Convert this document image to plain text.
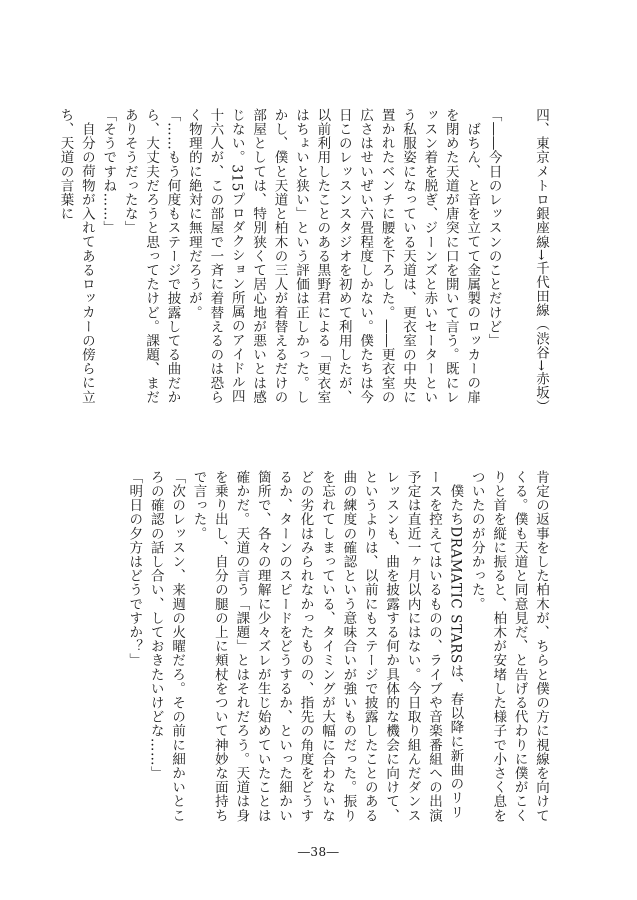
四、東京メトロ銀座線→千代田線（渋谷→赤坂）

「――今日のレッスンのことだけど」

ばちん、と音を立てて金属製のロッカーの扉を閉めた天道が唐突に口を開いて言う。既にレッスン着を脱ぎ、ジーンズと赤いセーターという私服姿になっている天道は、更衣室の中央に置かれたベンチに腰を下ろした。――更衣室の広さはせいぜい六畳程度しかない。僕たちは今日このレッスンスタジオを初めて利用したが、以前利用したことのある黒野君による「更衣室はちょいと狭い」という評価は正しかった。しかし、僕と天道と柏木の三人が着替えるだけの部屋としては、特別狭くて居心地が悪いとは感じない。315プロダクション所属のアイドル四十六人が、この部屋で一斉に着替えるのは恐らく物理的に絶対に無理だろうが。

「……もう何度もステージで披露してる曲だから、大丈夫だろうと思ってたけど。課題、まだありそうだったな」

「そうですね……」

自分の荷物が入れてあるロッカーの傍らに立ち、天道の言葉に

肯定の返事をした柏木が、ちらと僕の方に視線を向けてくる。僕も天道と同意見だ、と告げる代わりに僕がこくりと首を縦に振ると、柏木が安堵した様子で小さく息をついたのが分かった。

僕たちDRAMATIC STARSは、春以降に新曲のリリースを控えてはいるものの、ライブや音楽番組への出演予定は直近一ヶ月以内にはない。今日取り組んだダンスレッスンも、曲を披露する何か具体的な機会に向けて、というよりは、以前にもステージで披露したことのある曲の練度の確認という意味合いが強いものだった。振りを忘れてしまっている、タイミングが大幅に合わないなどの劣化はみられなかったものの、指先の角度をどうするか、ターンのスピードをどうするか、といった細かい箇所で、各々の理解に少々ズレが生じ始めていたことは確かだ。天道の言う「課題」とはそれだろう。天道は身を乗り出し、自分の腿の上に頬杖をついて神妙な面持ちで言った。

「次のレッスン、来週の火曜だろ。その前に細かいところの確認の話し合い、しておきたいけどな……」

「明日の夕方はどうですか？」

―38―
